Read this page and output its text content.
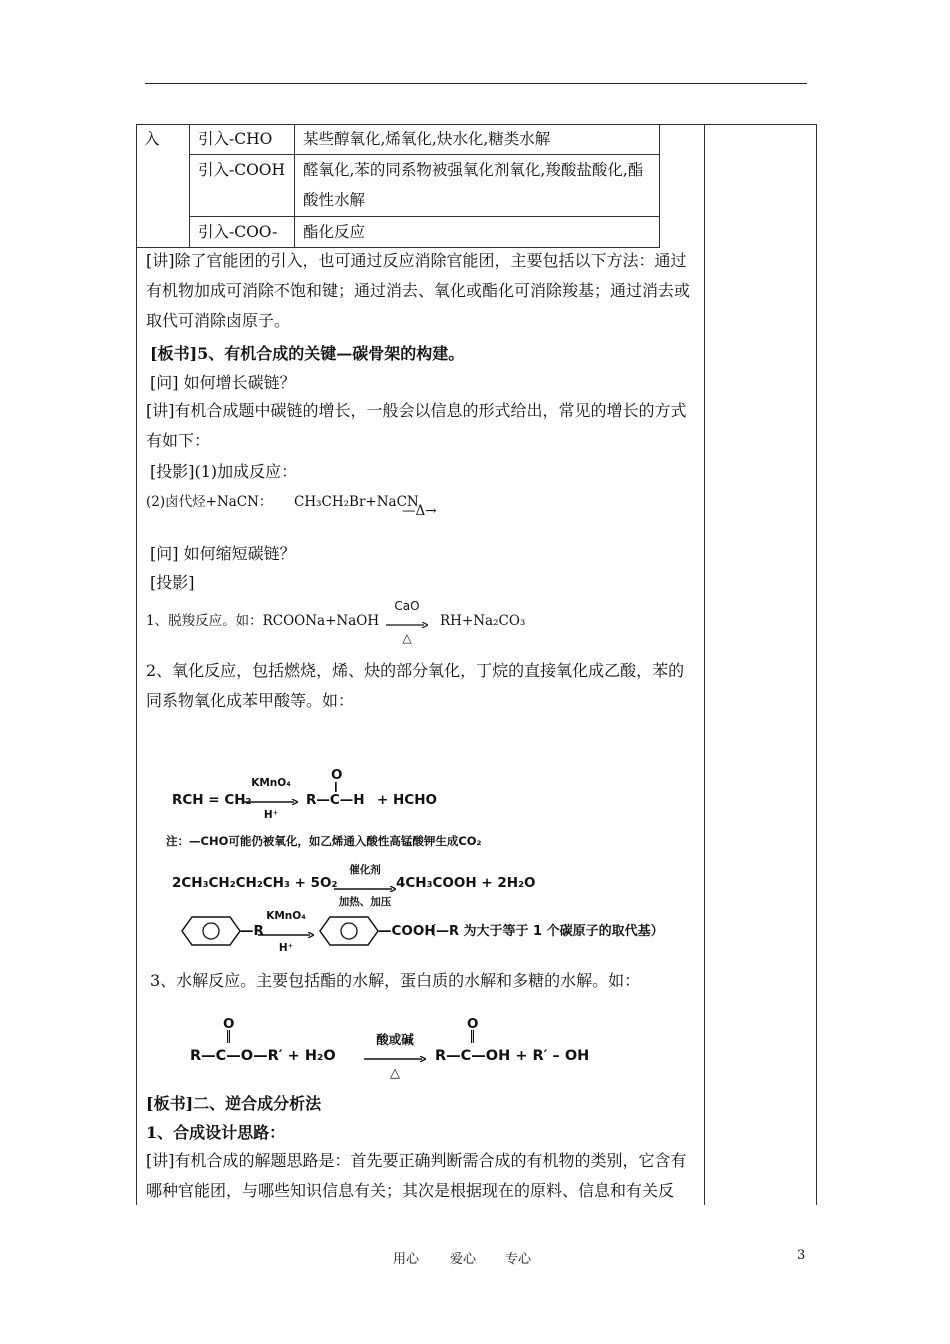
入	引入-CHO	某些醇氧化,烯氧化,炔水化,糖类水解
	引入-COOH	醛氧化,苯的同系物被强氧化剂氧化,羧酸盐酸化,酯酸性水解
	引入-COO-	酯化反应
[讲]除了官能团的引入，也可通过反应消除官能团，主要包括以下方法：通过有机物加成可消除不饱和键；通过消去、氧化或酯化可消除羧基；通过消去或取代可消除卤原子。
[板书]5、有机合成的关键—碳骨架的构建。
[问] 如何增长碳链？
[讲]有机合成题中碳链的增长，一般会以信息的形式给出，常见的增长的方式有如下：
[投影](1)加成反应：
(2)卤代烃+NaCN： CH₃CH₂Br+NaCN
—Δ→
[问] 如何缩短碳链？
[投影]
1、脱羧反应。如：RCOONa+NaOH
CaO
△
RH+Na₂CO₃
2、氧化反应，包括燃烧，烯、炔的部分氧化，丁烷的直接氧化成乙酸，苯的同系物氧化成苯甲酸等。如：
RCH = CH₂
KMnO₄
H⁺
O
R—C—H + HCHO
注：—CHO可能仍被氧化，如乙烯通入酸性高锰酸钾生成CO₂
2CH₃CH₂CH₂CH₃ + 5O₂
催化剂
加热、加压
4CH₃COOH + 2H₂O
—R
KMnO₄
H⁺
—COOH
（—R 为大于等于 1 个碳原子的取代基）
3、水解反应。主要包括酯的水解，蛋白质的水解和多糖的水解。如：
O
R—C—O—R′ + H₂O
酸或碱
△
O
R—C—OH + R′ – OH
[板书]二、逆合成分析法
1、合成设计思路：
[讲]有机合成的解题思路是：首先要正确判断需合成的有机物的类别，它含有哪种官能团，与哪些知识信息有关；其次是根据现在的原料、信息和有关反
用心 爱心 专心	3
